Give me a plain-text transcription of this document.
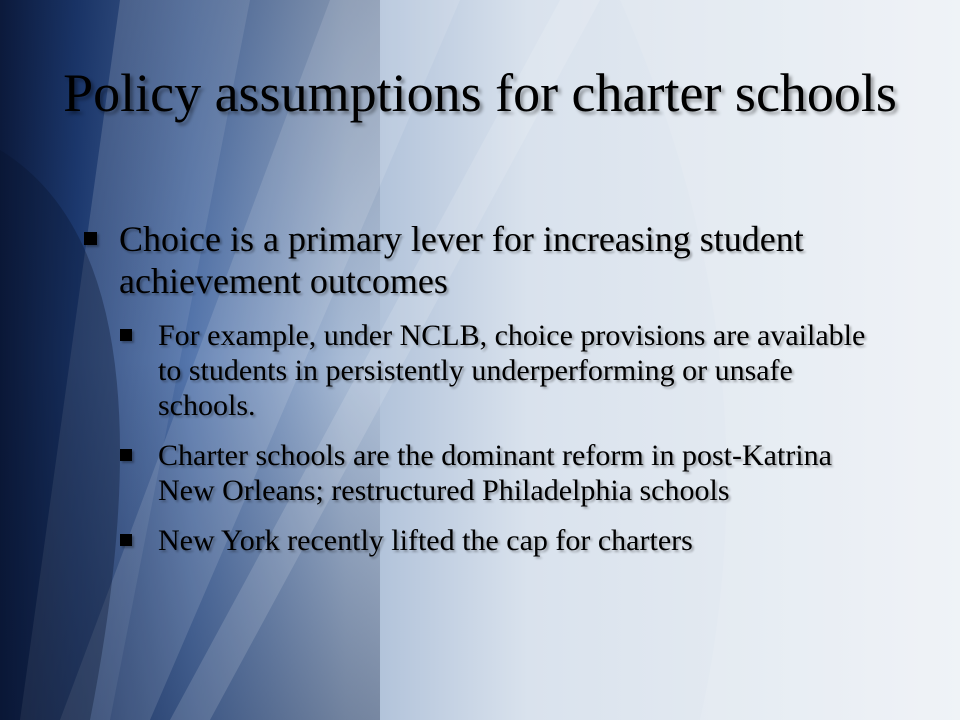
Policy assumptions for charter schools
Choice is a primary lever for increasing student achievement outcomes
For example, under NCLB, choice provisions are available to students in persistently underperforming or unsafe schools.
Charter schools are the dominant reform in post-Katrina New Orleans; restructured Philadelphia schools
New York recently lifted the cap for charters
